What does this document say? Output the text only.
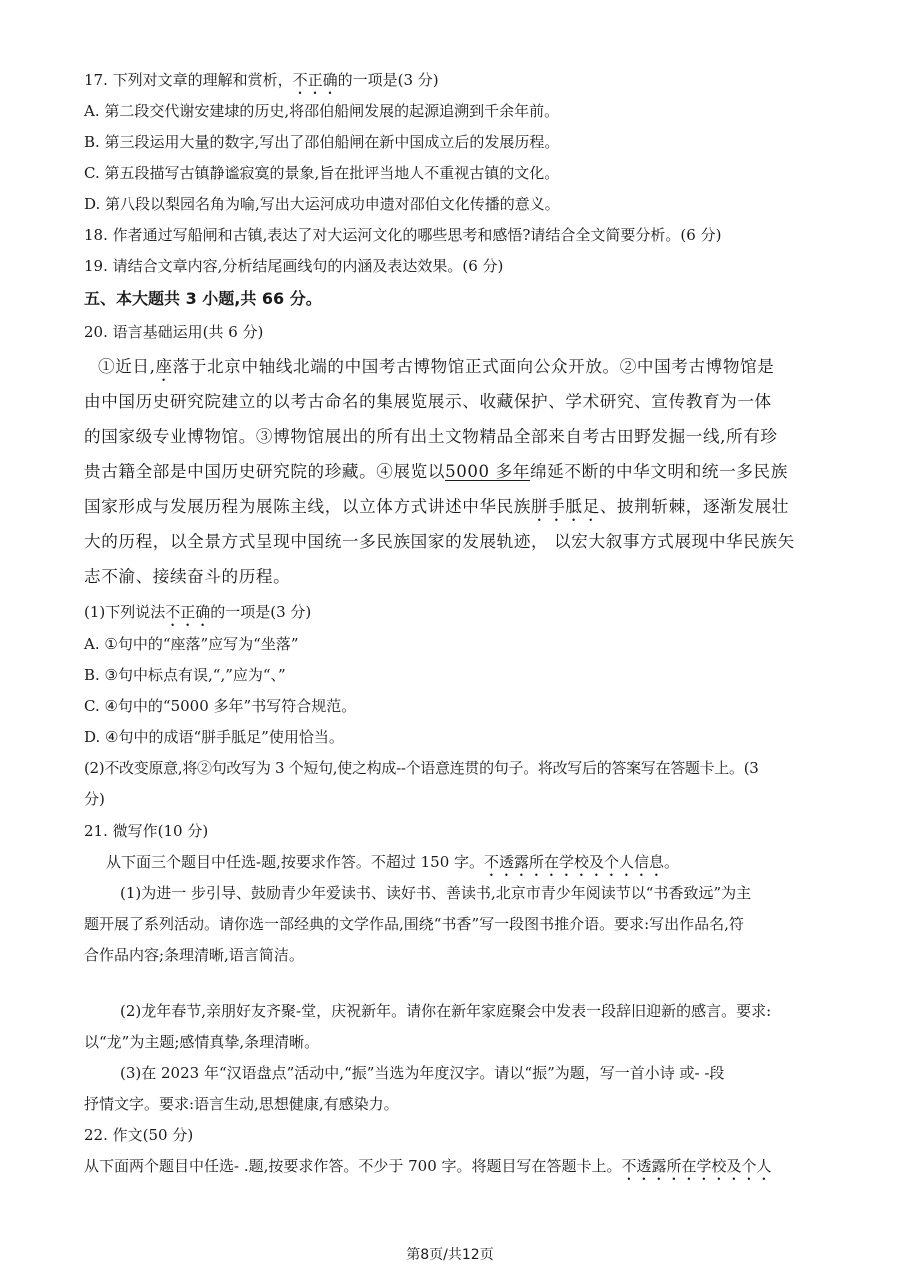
17. 下列对文章的理解和赏析，不正确的一项是(3 分)
A. 第二段交代谢安建埭的历史,将邵伯船闸发展的起源追溯到千余年前。
B. 第三段运用大量的数字,写出了邵伯船闸在新中国成立后的发展历程。
C. 第五段描写古镇静谧寂寞的景象,旨在批评当地人不重视古镇的文化。
D. 第八段以梨园名角为喻,写出大运河成功申遗对邵伯文化传播的意义。
18. 作者通过写船闸和古镇,表达了对大运河文化的哪些思考和感悟?请结合全文简要分析。(6 分)
19. 请结合文章内容,分析结尾画线句的内涵及表达效果。(6 分)
五、本大题共 3 小题,共 66 分。
20. 语言基础运用(共 6 分)
①近日,座落于北京中轴线北端的中国考古博物馆正式面向公众开放。②中国考古博物馆是
由中国历史研究院建立的以考古命名的集展览展示、收藏保护、学术研究、宣传教育为一体
的国家级专业博物馆。③博物馆展出的所有出土文物精品全部来自考古田野发掘一线,所有珍
贵古籍全部是中国历史研究院的珍藏。④展览以5000 多年绵延不断的中华文明和统一多民族
国家形成与发展历程为展陈主线，以立体方式讲述中华民族胼手胝足、披荆斩棘，逐渐发展壮
大的历程，以全景方式呈现中国统一多民族国家的发展轨迹， 以宏大叙事方式展现中华民族矢
志不渝、接续奋斗的历程。
(1)下列说法不正确的一项是(3 分)
A. ①句中的“座落”应写为“坐落”
B. ③句中标点有误,“,”应为“、”
C. ④句中的“5000 多年”书写符合规范。
D. ④句中的成语“胼手胝足”使用恰当。
(2)不改变原意,将②句改写为 3 个短句,使之构成--个语意连贯的句子。将改写后的答案写在答题卡上。(3
分)
21. 微写作(10 分)
从下面三个题目中任选-题,按要求作答。不超过 150 字。不透露所在学校及个人信息。
(1)为进一 步引导、鼓励青少年爱读书、读好书、善读书,北京市青少年阅读节以“书香致远”为主
题开展了系列活动。请你选一部经典的文学作品,围绕“书香”写一段图书推介语。要求:写出作品名,符
合作品内容;条理清晰,语言简洁。
(2)龙年春节,亲朋好友齐聚-堂，庆祝新年。请你在新年家庭聚会中发表一段辞旧迎新的感言。要求:
以“龙”为主题;感情真挚,条理清晰。
(3)在 2023 年“汉语盘点”活动中,“振”当选为年度汉字。请以“振”为题，写一首小诗 或- -段
抒情文字。要求:语言生动,思想健康,有感染力。
22. 作文(50 分)
从下面两个题目中任选- .题,按要求作答。不少于 700 字。将题目写在答题卡上。不透露所在学校及个人
第8页/共12页
